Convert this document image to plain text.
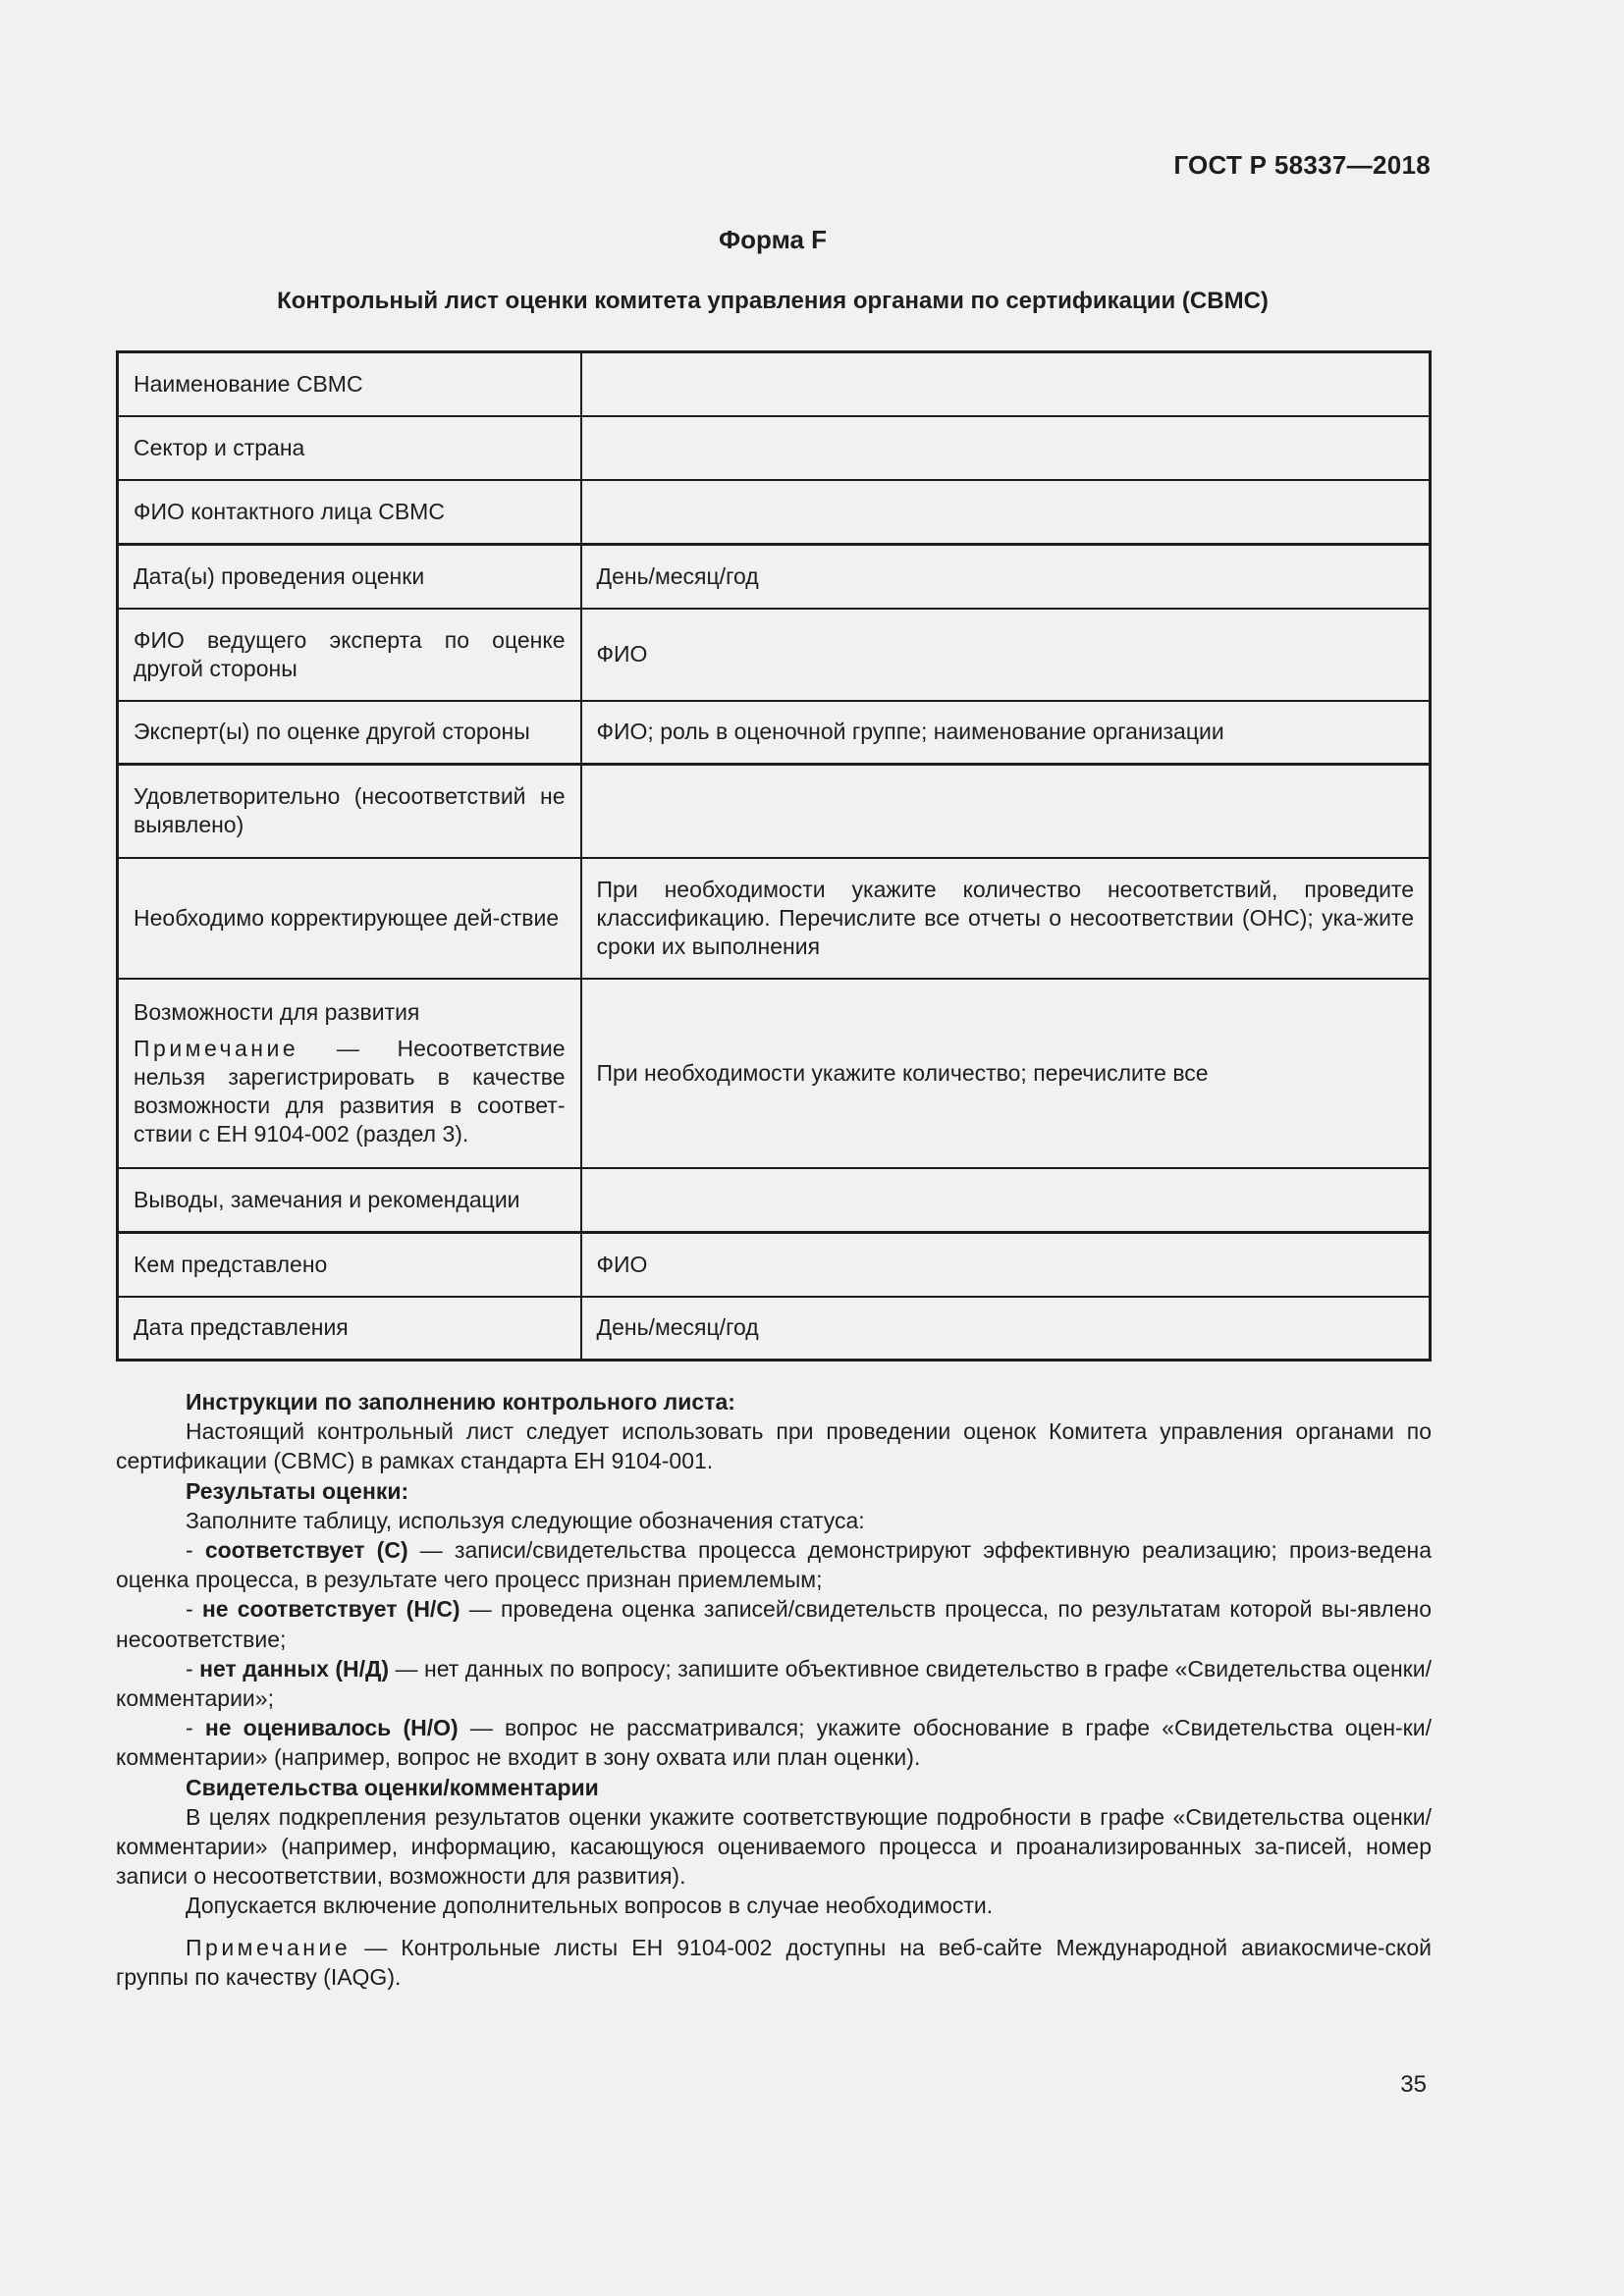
ГОСТ Р 58337—2018
Форма F
Контрольный лист оценки комитета управления органами по сертификации (СВМС)
Наименование СВМС	
Сектор и страна	
ФИО контактного лица СВМС	
Дата(ы) проведения оценки	День/месяц/год
ФИО ведущего эксперта по оценке другой стороны	ФИО
Эксперт(ы) по оценке другой стороны	ФИО; роль в оценочной группе; наименование организации
Удовлетворительно (несоответствий не выявлено)	
Необходимо корректирующее дей-ствие	При необходимости укажите количество несоответствий, проведите классификацию. Перечислите все отчеты о несоответствии (ОНС); ука-жите сроки их выполнения

Возможности для развития
Примечание — Несоответствие нельзя зарегистрировать в качестве возможности для развития в соответ-ствии с ЕН 9104-002 (раздел 3).	При необходимости укажите количество; перечислите все
Выводы, замечания и рекомендации	
Кем представлено	ФИО
Дата представления	День/месяц/год

Инструкции по заполнению контрольного листа:

Настоящий контрольный лист следует использовать при проведении оценок Комитета управления органами по сертификации (СВМС) в рамках стандарта ЕН 9104-001.

Результаты оценки:

Заполните таблицу, используя следующие обозначения статуса:

- соответствует (С) — записи/свидетельства процесса демонстрируют эффективную реализацию; произ-ведена оценка процесса, в результате чего процесс признан приемлемым;

- не соответствует (Н/С) — проведена оценка записей/свидетельств процесса, по результатам которой вы-явлено несоответствие;

- нет данных (Н/Д) — нет данных по вопросу; запишите объективное свидетельство в графе «Свидетельства оценки/комментарии»;

- не оценивалось (Н/О) — вопрос не рассматривался; укажите обоснование в графе «Свидетельства оцен-ки/комментарии» (например, вопрос не входит в зону охвата или план оценки).

Свидетельства оценки/комментарии

В целях подкрепления результатов оценки укажите соответствующие подробности в графе «Свидетельства оценки/комментарии» (например, информацию, касающуюся оцениваемого процесса и проанализированных за-писей, номер записи о несоответствии, возможности для развития).

Допускается включение дополнительных вопросов в случае необходимости.

Примечание — Контрольные листы ЕН 9104-002 доступны на веб-сайте Международной авиакосмиче-ской группы по качеству (IAQG).

35
